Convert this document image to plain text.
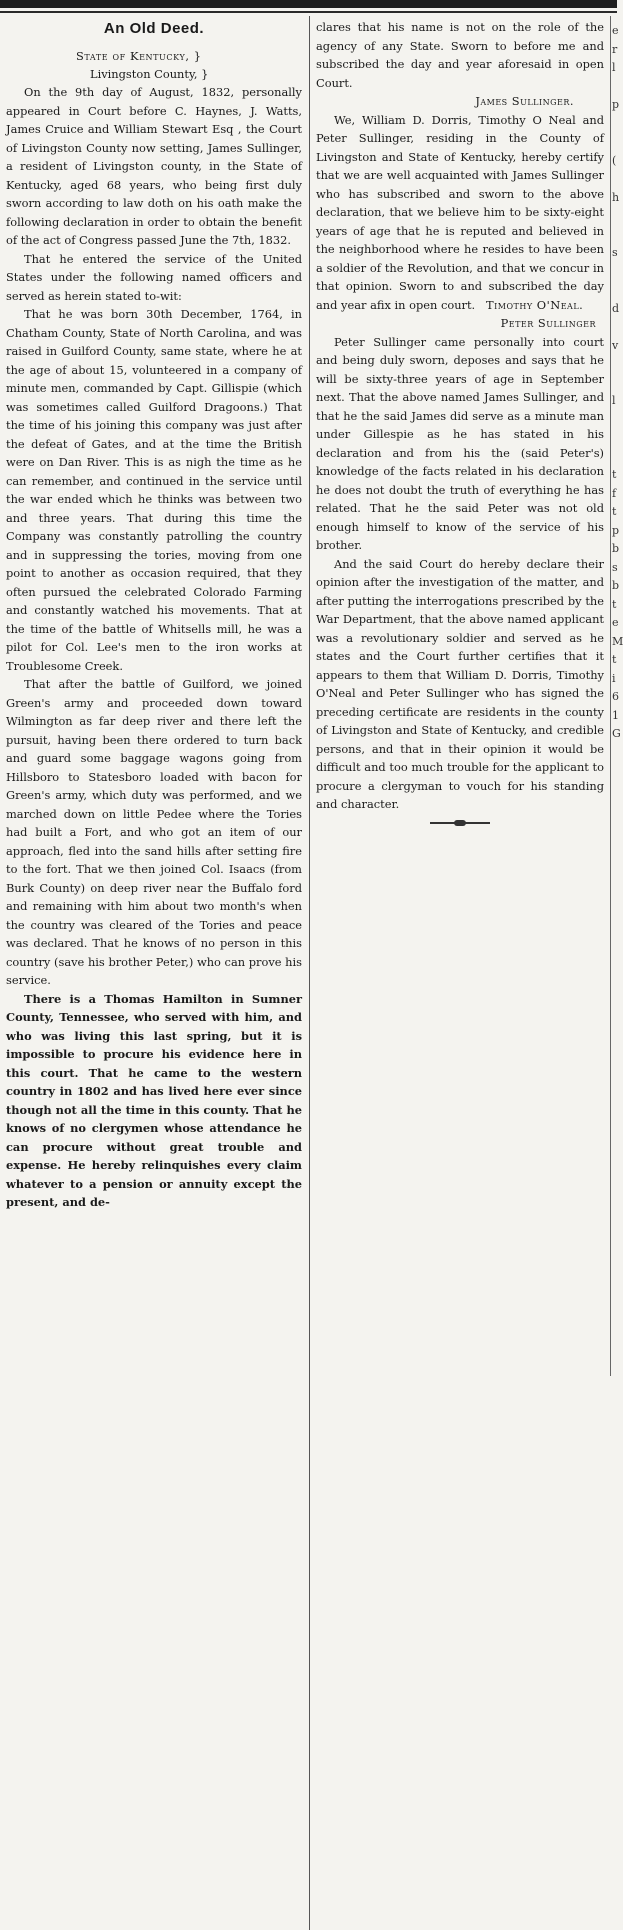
An Old Deed.
State of Kentucky, }
Livingston County, }

On the 9th day of August, 1832, personally appeared in Court before C. Haynes, J. Watts, James Cruice and William Stewart Esq , the Court of Livingston County now setting, James Sullinger, a resident of Livingston county, in the State of Kentucky, aged 68 years, who being first duly sworn according to law doth on his oath make the following declaration in order to obtain the benefit of the act of Congress passed June the 7th, 1832.

That he entered the service of the United States under the following named officers and served as herein stated to-wit:

That he was born 30th December, 1764, in Chatham County, State of North Carolina, and was raised in Guilford County, same state, where he at the age of about 15, volunteered in a company of minute men, commanded by Capt. Gillispie (which was sometimes called Guilford Dragoons.) That the time of his joining this company was just after the defeat of Gates, and at the time the British were on Dan River. This is as nigh the time as he can remember, and continued in the service until the war ended which he thinks was between two and three years. That during this time the Company was constantly patrolling the country and in suppressing the tories, moving from one point to another as occasion required, that they often pursued the celebrated Colorado Farming and constantly watched his movements. That at the time of the battle of Whitsells mill, he was a pilot for Col. Lee's men to the iron works at Troublesome Creek.

That after the battle of Guilford, we joined Green's army and proceeded down toward Wilmington as far deep river and there left the pursuit, having been there ordered to turn back and guard some baggage wagons going from Hillsboro to Statesboro loaded with bacon for Green's army, which duty was performed, and we marched down on little Pedee where the Tories had built a Fort, and who got an item of our approach, fled into the sand hills after setting fire to the fort. That we then joined Col. Isaacs (from Burk County) on deep river near the Buffalo ford and remaining with him about two month's when the country was cleared of the Tories and peace was declared. That he knows of no person in this country (save his brother Peter,) who can prove his service.

There is a Thomas Hamilton in Sumner County, Tennessee, who served with him, and who was living this last spring, but it is impossible to procure his evidence here in this court. That he came to the western country in 1802 and has lived here ever since though not all the time in this county. That he knows of no clergymen whose attendance he can procure without great trouble and expense. He hereby relinquishes every claim whatever to a pension or annuity except the present, and de-

clares that his name is not on the role of the agency of any State. Sworn to before me and subscribed the day and year aforesaid in open Court.

James Sullinger.

We, William D. Dorris, Timothy O Neal and Peter Sullinger, residing in the County of Livingston and State of Kentucky, hereby certify that we are well acquainted with James Sullinger who has subscribed and sworn to the above declaration, that we believe him to be sixty-eight years of age that he is reputed and believed in the neighborhood where he resides to have been a soldier of the Revolution, and that we concur in that opinion. Sworn to and subscribed the day and year afix in open court. Timothy O'Neal.

Peter Sullinger

Peter Sullinger came personally into court and being duly sworn, deposes and says that he will be sixty-three years of age in September next. That the above named James Sullinger, and that he the said James did serve as a minute man under Gillespie as he has stated in his declaration and from his the (said Peter's) knowledge of the facts related in his declaration he does not doubt the truth of everything he has related. That he the said Peter was not old enough himself to know of the service of his brother.

And the said Court do hereby declare their opinion after the investigation of the matter, and after putting the interrogations prescribed by the War Department, that the above named applicant was a revolutionary soldier and served as he states and the Court further certifies that it appears to them that William D. Dorris, Timothy O'Neal and Peter Sullinger who has signed the preceding certificate are residents in the county of Livingston and State of Kentucky, and credible persons, and that in their opinion it would be difficult and too much trouble for the applicant to procure a clergyman to vouch for his standing and character.

e
r
l

p

(

h

s

d

v

l

t
f
t
p
b
s
b
t
e
M
t
i
6
1
G
